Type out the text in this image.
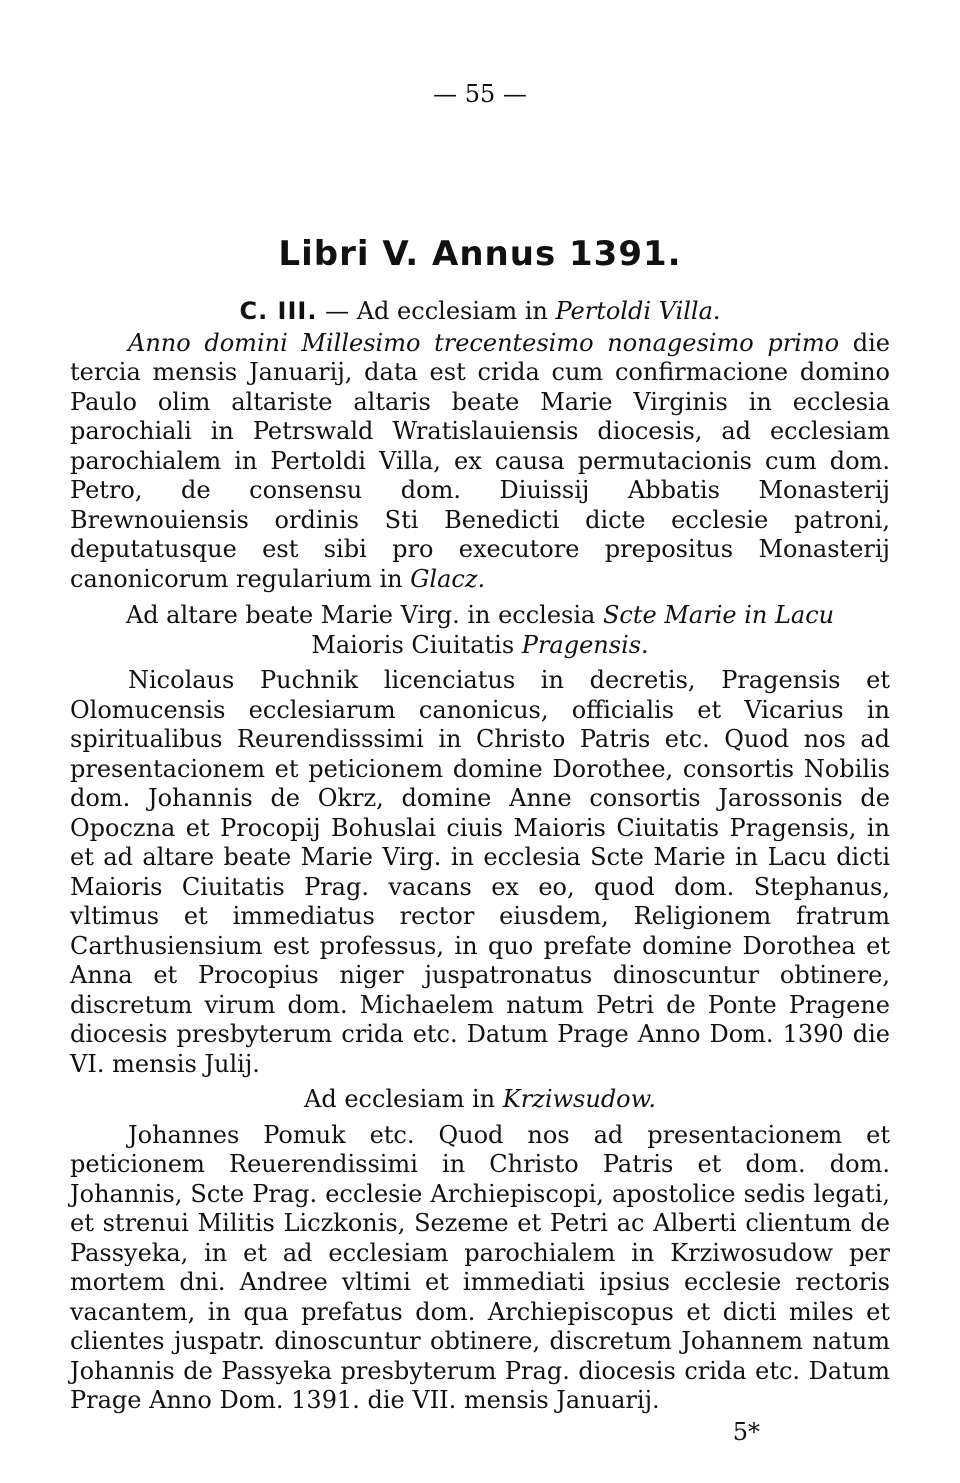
— 55 —
Libri V. Annus 1391.
C. III. — Ad ecclesiam in Pertoldi Villa.

Anno domini Millesimo trecentesimo nonagesimo primo die tercia mensis Januarij, data est crida cum confirmacione domino Paulo olim altariste altaris beate Marie Virginis in ecclesia parochiali in Petrswald Wratislauiensis diocesis, ad ecclesiam parochialem in Pertoldi Villa, ex causa permutacionis cum dom. Petro, de consensu dom. Diuissij Abbatis Monasterij Brewnouiensis ordinis Sti Benedicti dicte ecclesie patroni, deputatusque est sibi pro executore prepositus Monasterij canonicorum regularium in Glacz.

Ad altare beate Marie Virg. in ecclesia Scte Marie in Lacu
Maioris Ciuitatis Pragensis.

Nicolaus Puchnik licenciatus in decretis, Pragensis et Olomucensis ecclesiarum canonicus, officialis et Vicarius in spiritualibus Reurendisssimi in Christo Patris etc. Quod nos ad presentacionem et peticionem domine Dorothee, consortis Nobilis dom. Johannis de Okrz, domine Anne consortis Jarossonis de Opoczna et Procopij Bohuslai ciuis Maioris Ciuitatis Pragensis, in et ad altare beate Marie Virg. in ecclesia Scte Marie in Lacu dicti Maioris Ciuitatis Prag. vacans ex eo, quod dom. Stephanus, vltimus et immediatus rector eiusdem, Religionem fratrum Carthusiensium est professus, in quo prefate domine Dorothea et Anna et Procopius niger juspatronatus dinoscuntur obtinere, discretum virum dom. Michaelem natum Petri de Ponte Pragene diocesis presbyterum crida etc. Datum Prage Anno Dom. 1390 die VI. mensis Julij.

Ad ecclesiam in Krziwsudow.

Johannes Pomuk etc. Quod nos ad presentacionem et peticionem Reuerendissimi in Christo Patris et dom. dom. Johannis, Scte Prag. ecclesie Archiepiscopi, apostolice sedis legati, et strenui Militis Liczkonis, Sezeme et Petri ac Alberti clientum de Passyeka, in et ad ecclesiam parochialem in Krziwosudow per mortem dni. Andree vltimi et immediati ipsius ecclesie rectoris vacantem, in qua prefatus dom. Archiepiscopus et dicti miles et clientes juspatr. dinoscuntur obtinere, discretum Johannem natum Johannis de Passyeka presbyterum Prag. diocesis crida etc. Datum Prage Anno Dom. 1391. die VII. mensis Januarij.

5*
